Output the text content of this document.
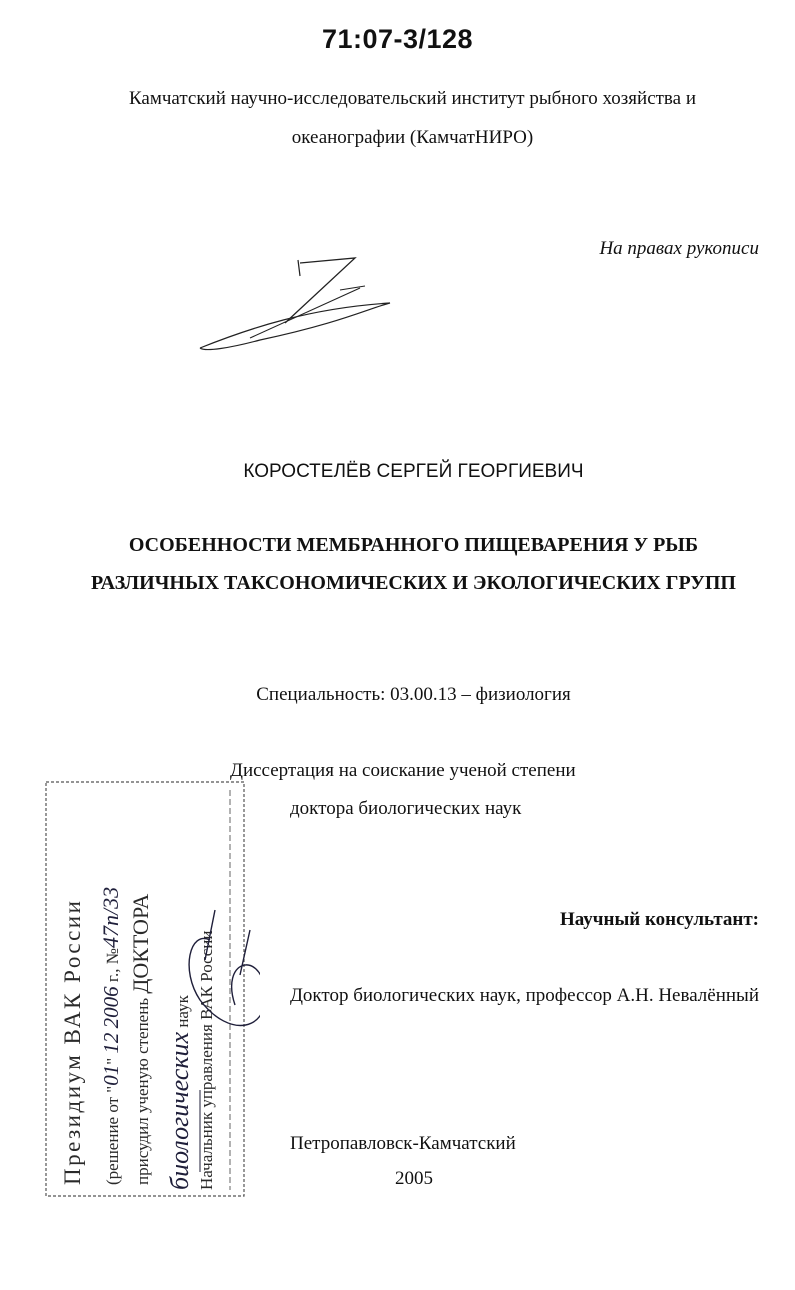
71:07-3/128
Камчатский научно-исследовательский институт рыбного хозяйства и
океанографии (КамчатНИРО)
На правах рукописи
КОРОСТЕЛЁВ СЕРГЕЙ ГЕОРГИЕВИЧ
ОСОБЕННОСТИ МЕМБРАННОГО ПИЩЕВАРЕНИЯ У РЫБ
РАЗЛИЧНЫХ ТАКСОНОМИЧЕСКИХ И ЭКОЛОГИЧЕСКИХ ГРУПП
Специальность: 03.00.13 – физиология
Диссертация на соискание ученой степени
доктора биологических наук
Научный консультант:
Доктор биологических наук, профессор А.Н. Невалённый
Петропавловск-Камчатский
2005
Президиум ВАК России (решение от "01" 12 2006 г., №47п/33
присудил ученую степень ДОКТОРА
биологических наук Начальник управления ВАК России
